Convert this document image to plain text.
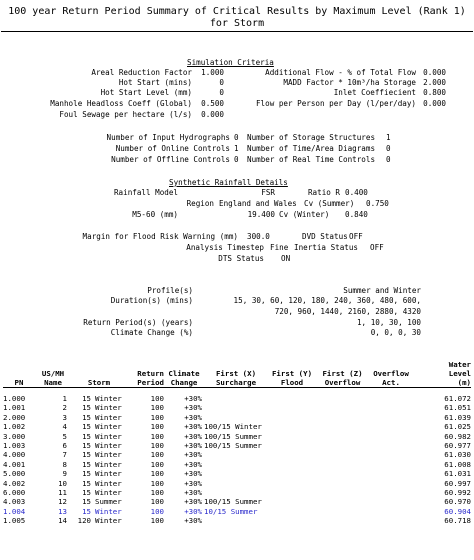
100 year Return Period Summary of Critical Results by Maximum Level (Rank 1) for Storm
Simulation Criteria
Areal Reduction Factor	1.000	Additional Flow - % of Total Flow 0.000
Hot Start (mins)	0	MADD Factor * 10m³/ha Storage 2.000
Hot Start Level (mm)	0	Inlet Coeffiecient 0.800
Manhole Headloss Coeff (Global)	0.500	Flow per Person per Day (l/per/day) 0.000
Foul Sewage per hectare (l/s)	0.000
Number of Input Hydrographs 0 Number of Storage Structures 1
Number of Online Controls 1 Number of Time/Area Diagrams 0
Number of Offline Controls 0 Number of Real Time Controls 0
Synthetic Rainfall Details
Rainfall Model	FSR	Ratio R 0.400
Region England and Wales Cv (Summer) 0.750
M5-60 (mm)	19.400 Cv (Winter) 0.840
Margin for Flood Risk Warning (mm) 300.0	DVD Status OFF
Analysis Timestep Fine Inertia Status OFF
DTS Status ON
Profile(s)	Summer and Winter
Duration(s) (mins)	15, 30, 60, 120, 180, 240, 360, 480, 600,
720, 960, 1440, 2160, 2880, 4320
Return Period(s) (years)	1, 10, 30, 100
Climate Change (%)	0, 0, 0, 30
									Water
	US/MH		Return	Climate	First (X)	First (Y)	First (Z)	Overflow	Level
PN	Name	Storm	Period	Change	Surcharge	Flood	Overflow	Act.	(m)

1.000	1	15 Winter	100	+30%					61.072
1.001	2	15 Winter	100	+30%					61.051
2.000	3	15 Winter	100	+30%					61.039
1.002	4	15 Winter	100	+30%	100/15 Winter				61.025
3.000	5	15 Winter	100	+30%	100/15 Summer				60.982
1.003	6	15 Winter	100	+30%	100/15 Summer				60.977
4.000	7	15 Winter	100	+30%					61.030
4.001	8	15 Winter	100	+30%					61.008
5.000	9	15 Winter	100	+30%					61.031
4.002	10	15 Winter	100	+30%					60.997
6.000	11	15 Winter	100	+30%					60.992
4.003	12	15 Summer	100	+30%	100/15 Summer				60.970
1.004	13	15 Winter	100	+30%	10/15 Summer				60.904
1.005	14	120 Winter	100	+30%					60.718
